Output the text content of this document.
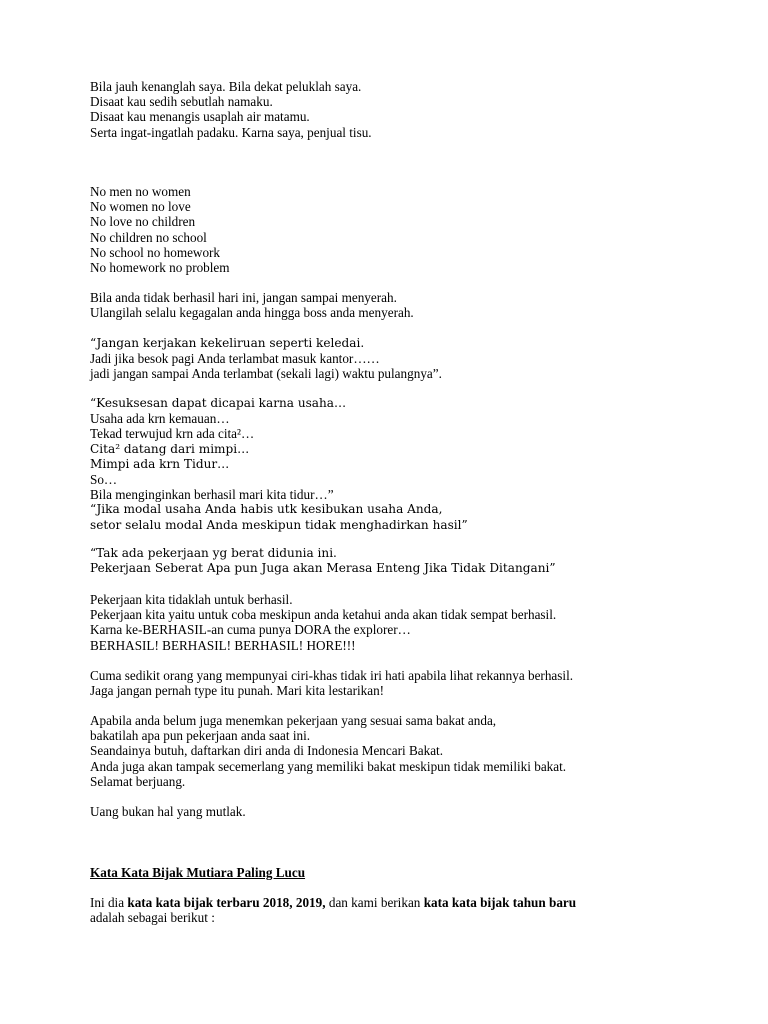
Bila jauh kenanglah saya. Bila dekat peluklah saya.
Disaat kau sedih sebutlah namaku.
Disaat kau menangis usaplah air matamu.
Serta ingat-ingatlah padaku. Karna saya, penjual tisu.
No men no women
No women no love
No love no children
No children no school
No school no homework
No homework no problem
Bila anda tidak berhasil hari ini, jangan sampai menyerah.
Ulangilah selalu kegagalan anda hingga boss anda menyerah.
“Jangan kerjakan kekeliruan seperti keledai.
Jadi jika besok pagi Anda terlambat masuk kantor……
jadi jangan sampai Anda terlambat (sekali lagi) waktu pulangnya”.
“Kesuksesan dapat dicapai karna usaha…
Usaha ada krn kemauan…
Tekad terwujud krn ada cita²…
Cita² datang dari mimpi…
Mimpi ada krn Tidur…
So…
Bila menginginkan berhasil mari kita tidur…”
“Jika modal usaha Anda habis utk kesibukan usaha Anda,
setor selalu modal Anda meskipun tidak menghadirkan hasil”
“Tak ada pekerjaan yg berat didunia ini.
Pekerjaan Seberat Apa pun Juga akan Merasa Enteng Jika Tidak Ditangani”
Pekerjaan kita tidaklah untuk berhasil.
Pekerjaan kita yaitu untuk coba meskipun anda ketahui anda akan tidak sempat berhasil.
Karna ke-BERHASIL-an cuma punya DORA the explorer…
BERHASIL! BERHASIL! BERHASIL! HORE!!!
Cuma sedikit orang yang mempunyai ciri-khas tidak iri hati apabila lihat rekannya berhasil.
Jaga jangan pernah type itu punah. Mari kita lestarikan!
Apabila anda belum juga menemkan pekerjaan yang sesuai sama bakat anda,
bakatilah apa pun pekerjaan anda saat ini.
Seandainya butuh, daftarkan diri anda di Indonesia Mencari Bakat.
Anda juga akan tampak secemerlang yang memiliki bakat meskipun tidak memiliki bakat.
Selamat berjuang.
Uang bukan hal yang mutlak.
Kata Kata Bijak Mutiara Paling Lucu
Ini dia kata kata bijak terbaru 2018, 2019, dan kami berikan kata kata bijak tahun baru
adalah sebagai berikut :
